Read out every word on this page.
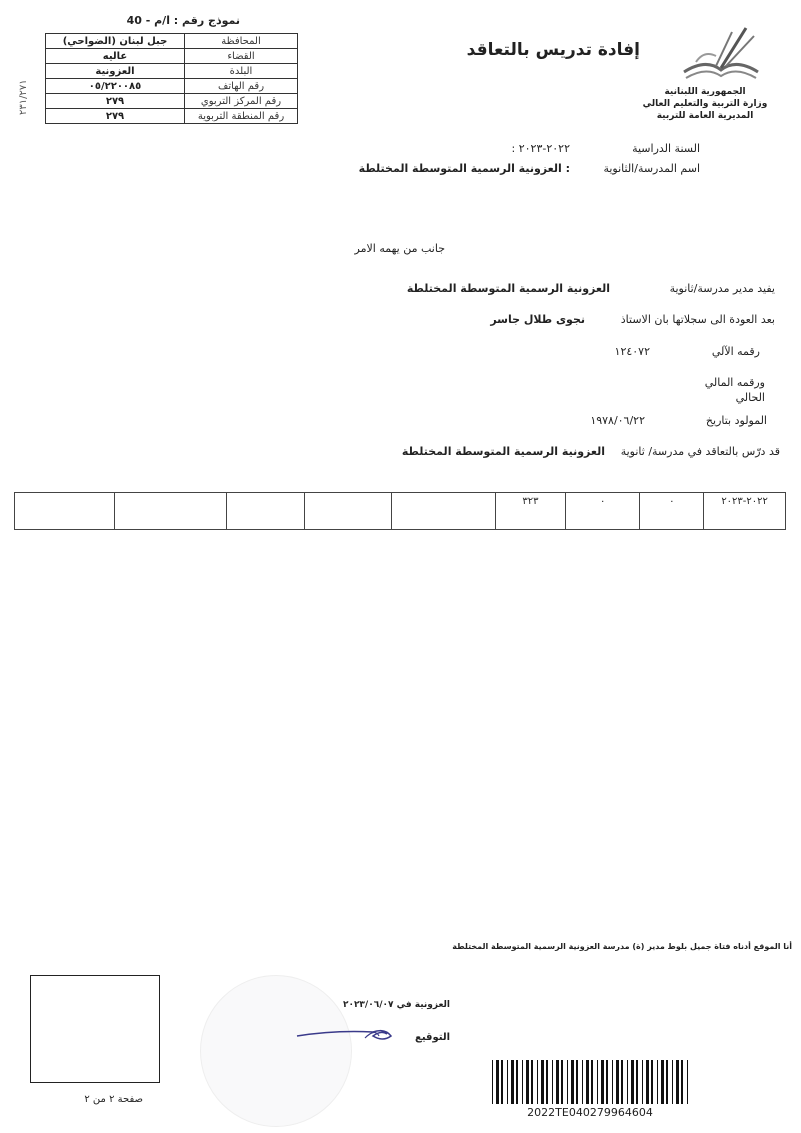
نموذج رقم : ا/م - 40
المحافظة	جبل لبنان (الضواحي)
القضاء	عاليه
البلدة	العزونية
رقم الهاتف	٠٥/٢٢٠٠٨٥
رقم المركز التربوي	٢٧٩
رقم المنطقة التربوية	٢٧٩
٢٣١/٢٧١
إفادة تدريس بالتعاقد
الجمهورية اللبنانية
وزارة التربية والتعليم العالي
المديرية العامة للتربية
السنة الدراسية
: ٢٠٢٢-٢٠٢٣
اسم المدرسة/الثانوية
: العزونية الرسمية المتوسطة المختلطة
جانب من يهمه الامر
يفيد مدير مدرسة/ثانوية
العزونية الرسمية المتوسطة المختلطة
بعد العودة الى سجلاتها بان الاستاذ
نجوى طلال جاسر
رقمه الآلي
١٢٤٠٧٢
ورقمه المالي
الحالي
المولود بتاريخ
١٩٧٨/٠٦/٢٢
قد درّس بالتعاقد في مدرسة/ ثانوية
العزونية الرسمية المتوسطة المختلطة
					٣٢٣	٠	٠	٢٠٢٢-٢٠٢٣
أنا الموقع أدناه فتاة جميل بلوط مدير (ة) مدرسة العزونية الرسمية المتوسطة المختلطة
العزونية في ٢٠٢٣/٠٦/٠٧
التوقيع
صفحة ٢ من ٢
2022TE040279964604
